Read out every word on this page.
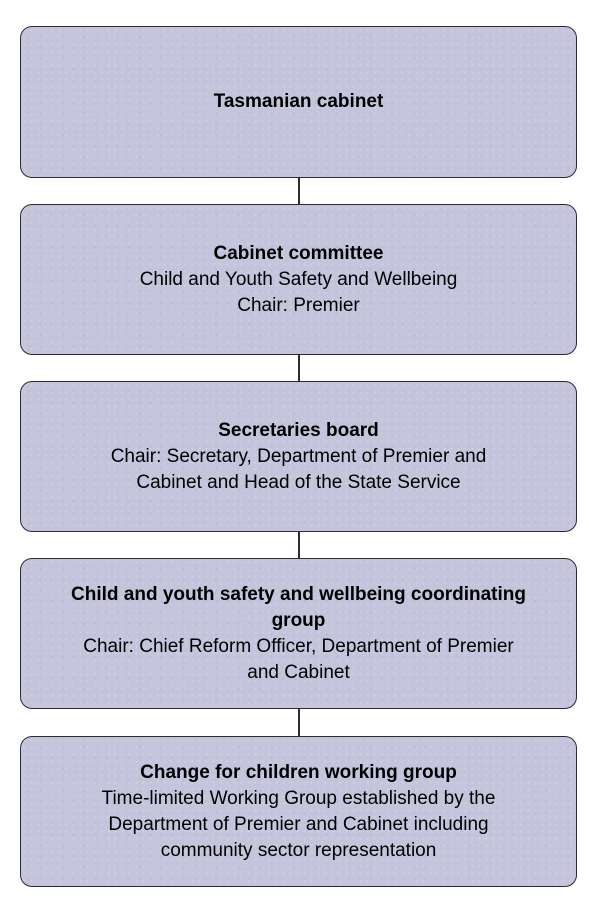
Tasmanian cabinet
Cabinet committee
Child and Youth Safety and Wellbeing
Chair: Premier
Secretaries board
Chair: Secretary, Department of Premier and
Cabinet and Head of the State Service
Child and youth safety and wellbeing coordinating group
Chair: Chief Reform Officer, Department of Premier
and Cabinet
Change for children working group
Time-limited Working Group established by the
Department of Premier and Cabinet including
community sector representation
